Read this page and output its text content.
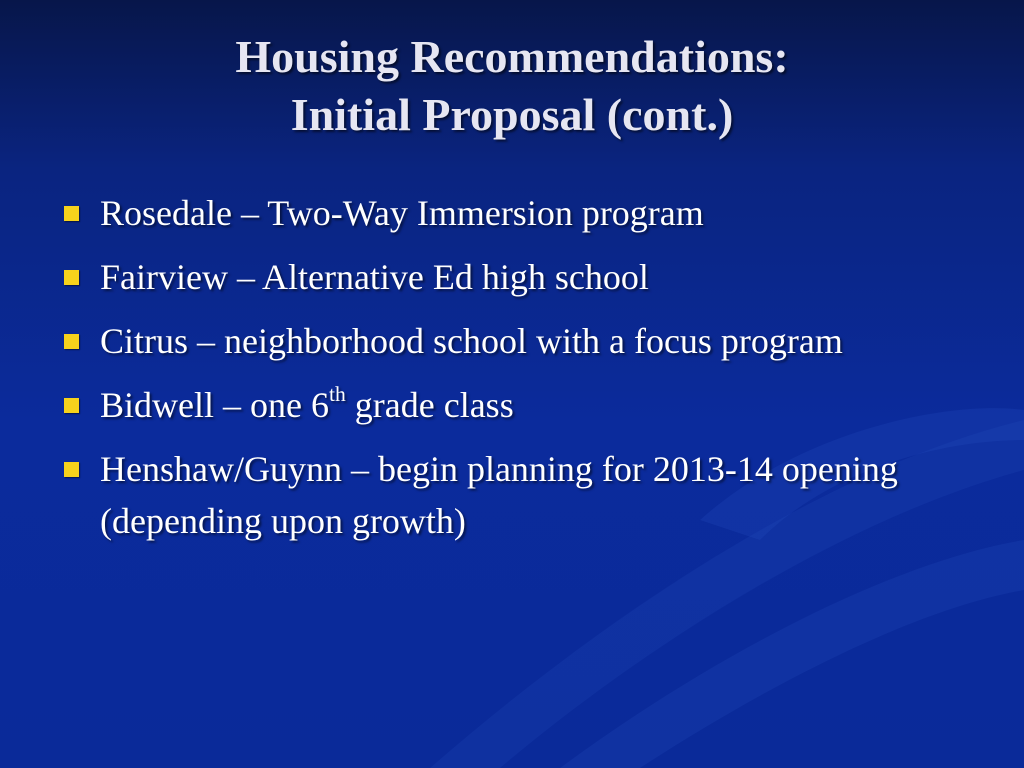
Housing Recommendations:
Initial Proposal (cont.)
Rosedale – Two-Way Immersion program
Fairview – Alternative Ed high school
Citrus – neighborhood school with a focus program
Bidwell – one 6th grade class
Henshaw/Guynn – begin planning for 2013-14 opening (depending upon growth)
